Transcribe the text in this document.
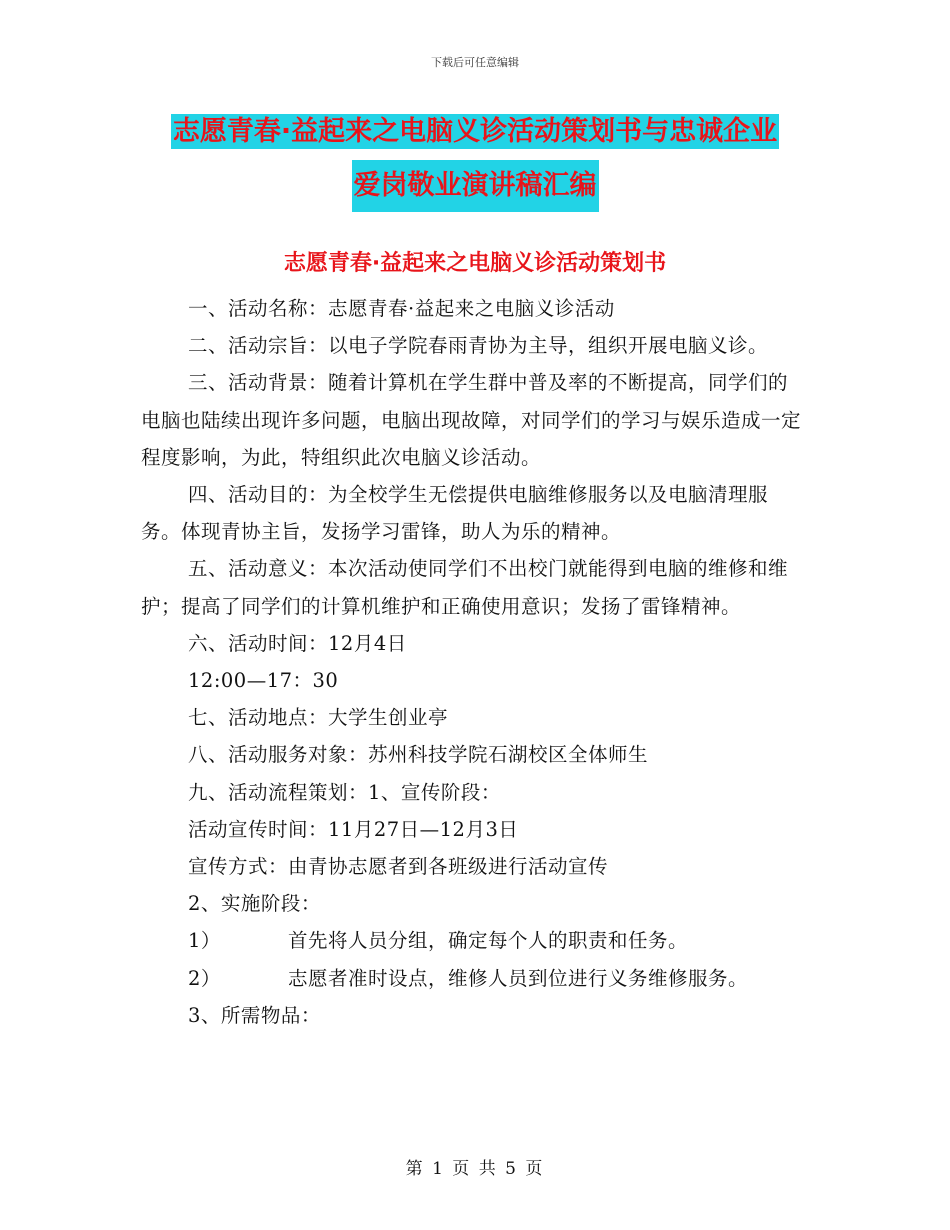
下载后可任意编辑
志愿青春·益起来之电脑义诊活动策划书与忠诚企业
爱岗敬业演讲稿汇编
志愿青春·益起来之电脑义诊活动策划书

一、活动名称：志愿青春·益起来之电脑义诊活动

二、活动宗旨：以电子学院春雨青协为主导，组织开展电脑义诊。

三、活动背景：随着计算机在学生群中普及率的不断提高，同学们的电脑也陆续出现许多问题，电脑出现故障，对同学们的学习与娱乐造成一定程度影响，为此，特组织此次电脑义诊活动。

四、活动目的：为全校学生无偿提供电脑维修服务以及电脑清理服务。体现青协主旨，发扬学习雷锋，助人为乐的精神。

五、活动意义：本次活动使同学们不出校门就能得到电脑的维修和维护；提高了同学们的计算机维护和正确使用意识；发扬了雷锋精神。

六、活动时间：12月4日

12:00—17：30

七、活动地点：大学生创业亭

八、活动服务对象：苏州科技学院石湖校区全体师生

九、活动流程策划：1、宣传阶段：

活动宣传时间：11月27日—12月3日

宣传方式：由青协志愿者到各班级进行活动宣传

2、实施阶段：

1）	首先将人员分组，确定每个人的职责和任务。
2）	志愿者准时设点，维修人员到位进行义务维修服务。

3、所需物品：

第 1 页 共 5 页
